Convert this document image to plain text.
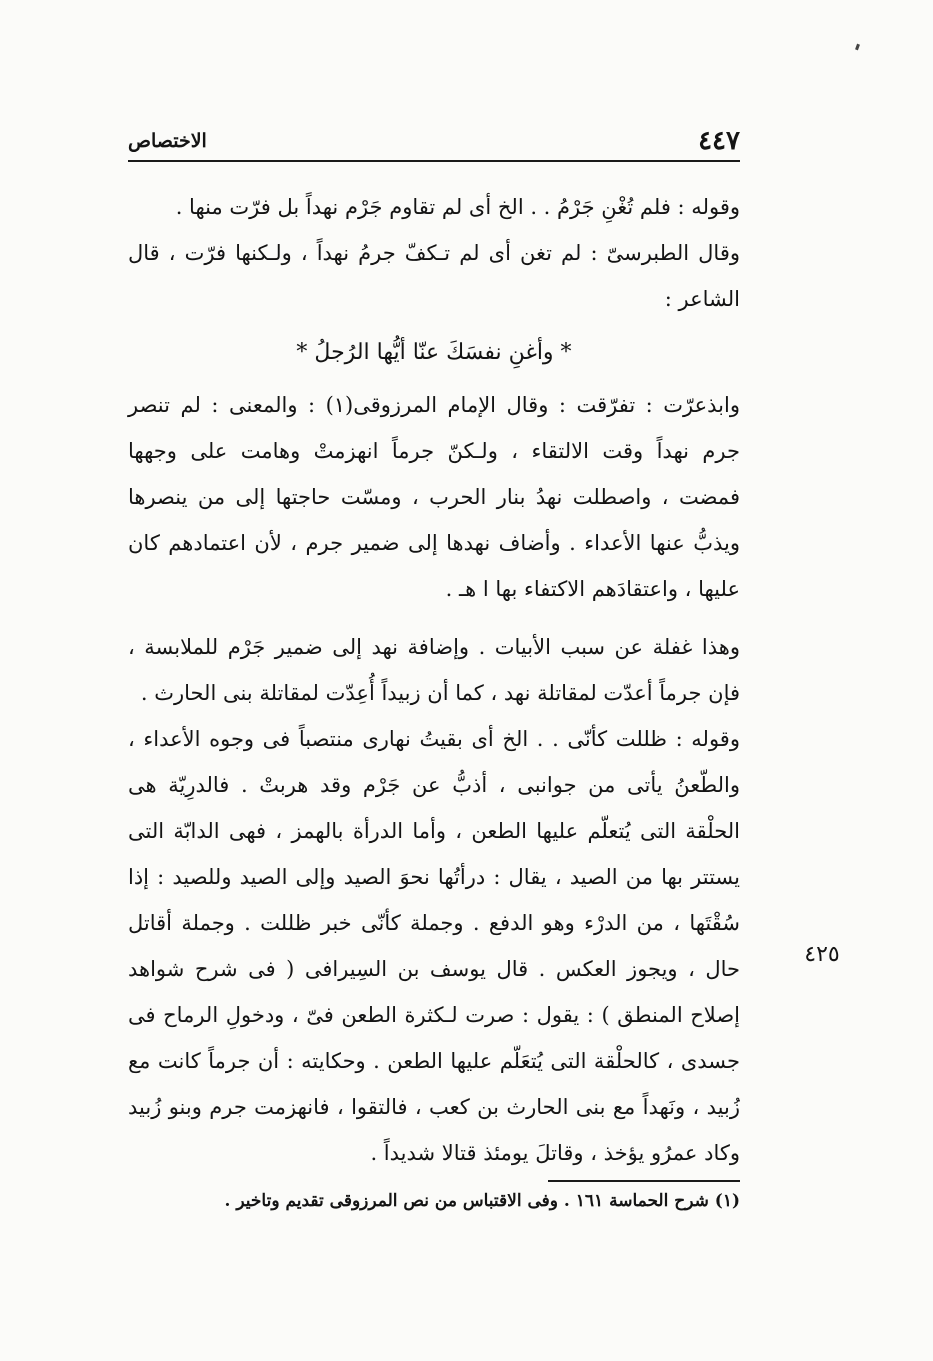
٤٤٧
الاختصاص

وقوله : فلم تُغْنِ جَرْمُ . . الخ أى لم تقاوم جَرْم نهداً بل فرّت منها .

وقال الطبرسىّ : لم تغن أى لم تـكفّ جرمُ نهداً ، ولـكنها فرّت ، قال الشاعر :

* وأغنِ نفسَكَ عنّا أيُّها الرُجلُ *

وابذعرّت : تفرّقت : وقال الإمام المرزوقى(١) : والمعنى : لم تنصر جرم نهداً وقت الالتقاء ، ولـكنّ جرماً انهزمتْ وهامت على وجهها فمضت ، واصطلت نهدُ بنار الحرب ، ومسّت حاجتها إلى من ينصرها ويذبُّ عنها الأعداء . وأضاف نهدها إلى ضمير جرم ، لأن اعتمادهم كان عليها ، واعتقادَهم الاكتفاء بها ا هـ .

وهذا غفلة عن سبب الأبيات . وإضافة نهد إلى ضمير جَرْم للملابسة ، فإن جرماً أعدّت لمقاتلة نهد ، كما أن زبيداً أُعِدّت لمقاتلة بنى الحارث .

وقوله : ظللت كأنّى . . الخ أى بقيتُ نهارى منتصباً فى وجوه الأعداء ، والطّعنُ يأتى من جوانبى ، أذبُّ عن جَرْم وقد هربتْ . فالدرِيّة هى الحلْقة التى يُتعلّم عليها الطعن ، وأما الدرأة بالهمز ، فهى الدابّة التى يستتر بها من الصيد ، يقال : درأتُها نحوَ الصيد وإلى الصيد وللصيد : إذا سُقْتَها ، من الدرْء وهو الدفع . وجملة كأنّى خبر ظللت . وجملة أقاتل حال ، ويجوز العكس . قال يوسف بن السِيرافى ( فى شرح شواهد إصلاح المنطق ) : يقول : صرت لـكثرة الطعن فىّ ، ودخولِ الرماح فى جسدى ، كالحلْقة التى يُتعَلّم عليها الطعن . وحكايته : أن جرماً كانت مع زُبيد ، ونَهداً مع بنى الحارث بن كعب ، فالتقوا ، فانهزمت جرم وبنو زُبيد وكاد عمرُو يؤخذ ، وقاتلَ يومئذ قتالا شديداً .

٤٢٥
(١) شرح الحماسة ١٦١ . وفى الاقتباس من نص المرزوقى تقديم وتاخير .
